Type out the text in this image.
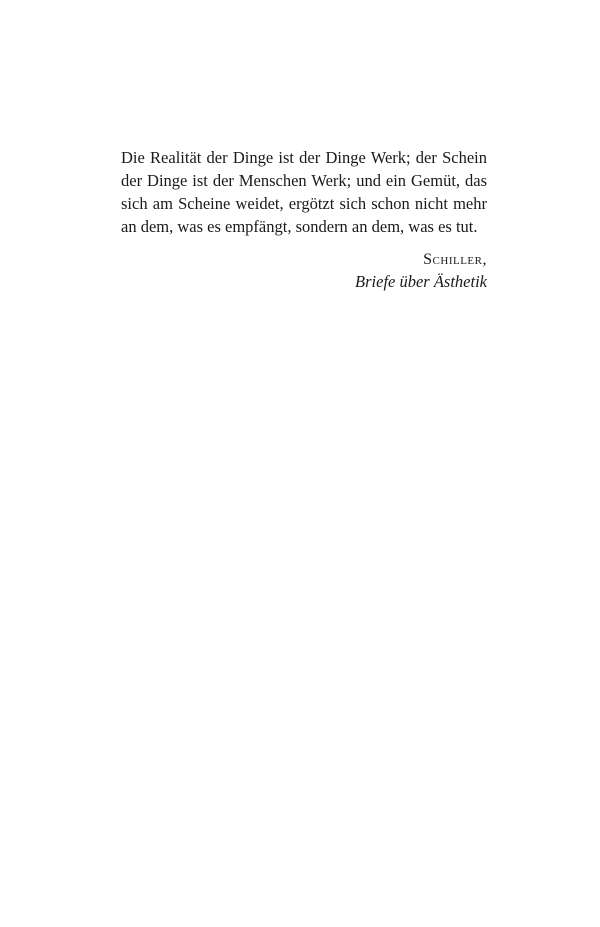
Die Realität der Dinge ist der Dinge Werk; der Schein
der Dinge ist der Menschen Werk; und ein Gemüt, das
sich am Scheine weidet, ergötzt sich schon nicht mehr
an dem, was es empfängt, sondern an dem, was es tut.
Schiller,
Briefe über Ästhetik
